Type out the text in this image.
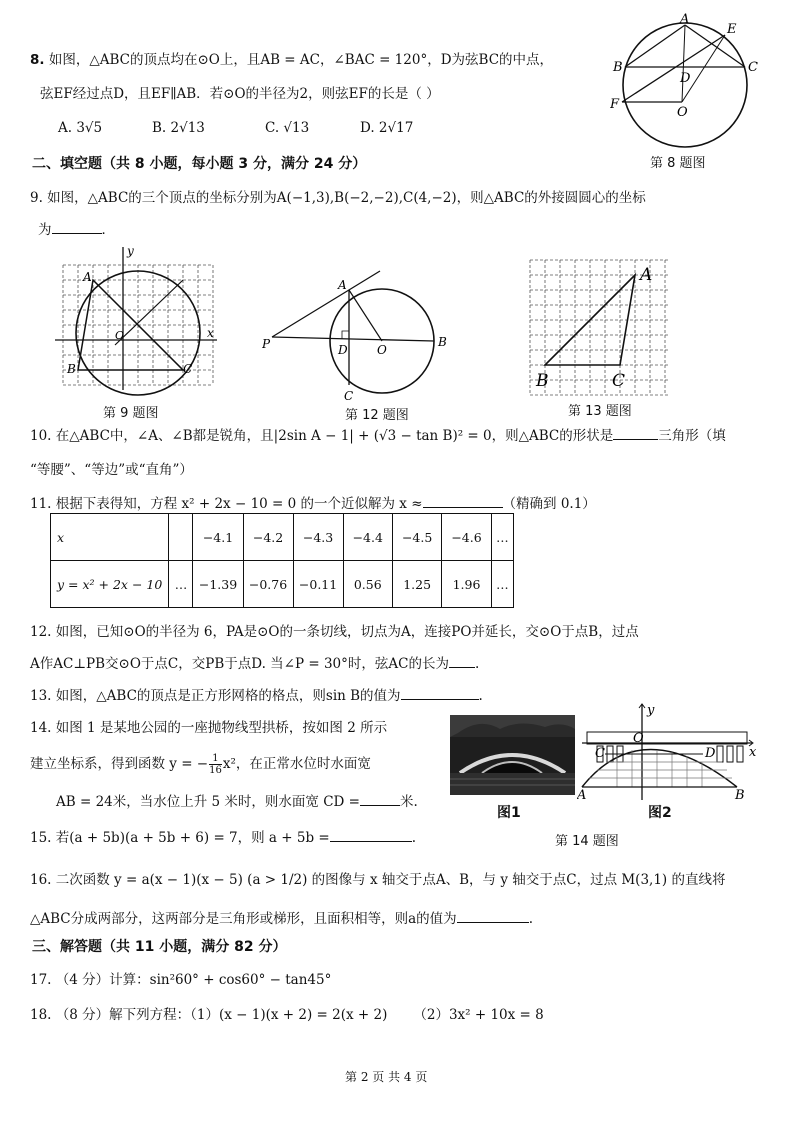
8. 如图，△ABC的顶点均在⊙O上，且AB = AC，∠BAC = 120°，D为弦BC的中点，
弦EF经过点D，且EF∥AB．若⊙O的半径为2，则弦EF的长是（ ）
A. 3√5	B. 2√13	C. √13	D. 2√17
A
E
B	C
D
F
O
第 8 题图
二、填空题（共 8 小题，每小题 3 分，满分 24 分）
9. 如图，△ABC的三个顶点的坐标分别为A(−1,3),B(−2,−2),C(4,−2)，则△ABC的外接圆圆心的坐标
为	．
y
x
A
B	C
O
第 9 题图
P
A
D O
B
C
第 12 题图
A
B	C
第 13 题图
10. 在△ABC中，∠A、∠B都是锐角，且|2sin A − 1| + (√3 − tan B)² = 0，则△ABC的形状是	三角形（填
“等腰”、“等边”或“直角”）
11. 根据下表得知，方程 x² + 2x − 10 = 0 的一个近似解为 x ≈	（精确到 0.1）
x		−4.1	−4.2	−4.3	−4.4	−4.5	−4.6	…
y = x² + 2x − 10	…	−1.39	−0.76	−0.11	0.56	1.25	1.96	…
12. 如图，已知⊙O的半径为 6，PA是⊙O的一条切线，切点为A，连接PO并延长，交⊙O于点B，过点
A作AC⊥PB交⊙O于点C，交PB于点D. 当∠P = 30°时，弦AC的长为 .
13. 如图，△ABC的顶点是正方形网格的格点，则sin B的值为	.
14. 如图 1 是某地公园的一座抛物线型拱桥，按如图 2 所示
建立坐标系，得到函数 y = − $\frac{1}{16} x^2$，在正常水位时水面宽
AB = 24米，当水位上升 5 米时，则水面宽 CD =	米.
图1
y
x
O
C	D
A	B
图2
第 14 题图
15. 若(a + 5b)(a + 5b + 6) = 7，则 a + 5b =	.
16. 二次函数 y = a(x − 1)(x − 5) (a > 1/2) 的图像与 x 轴交于点A、B，与 y 轴交于点C，过点 M(3,1) 的直线将
△ABC分成两部分，这两部分是三角形或梯形，且面积相等，则a的值为	.
三、解答题（共 11 小题，满分 82 分）
17. （4 分）计算：sin²60° + cos60° − tan45°
18. （8 分）解下列方程：（1）(x − 1)(x + 2) = 2(x + 2) （2）3x² + 10x = 8
第 2 页 共 4 页
